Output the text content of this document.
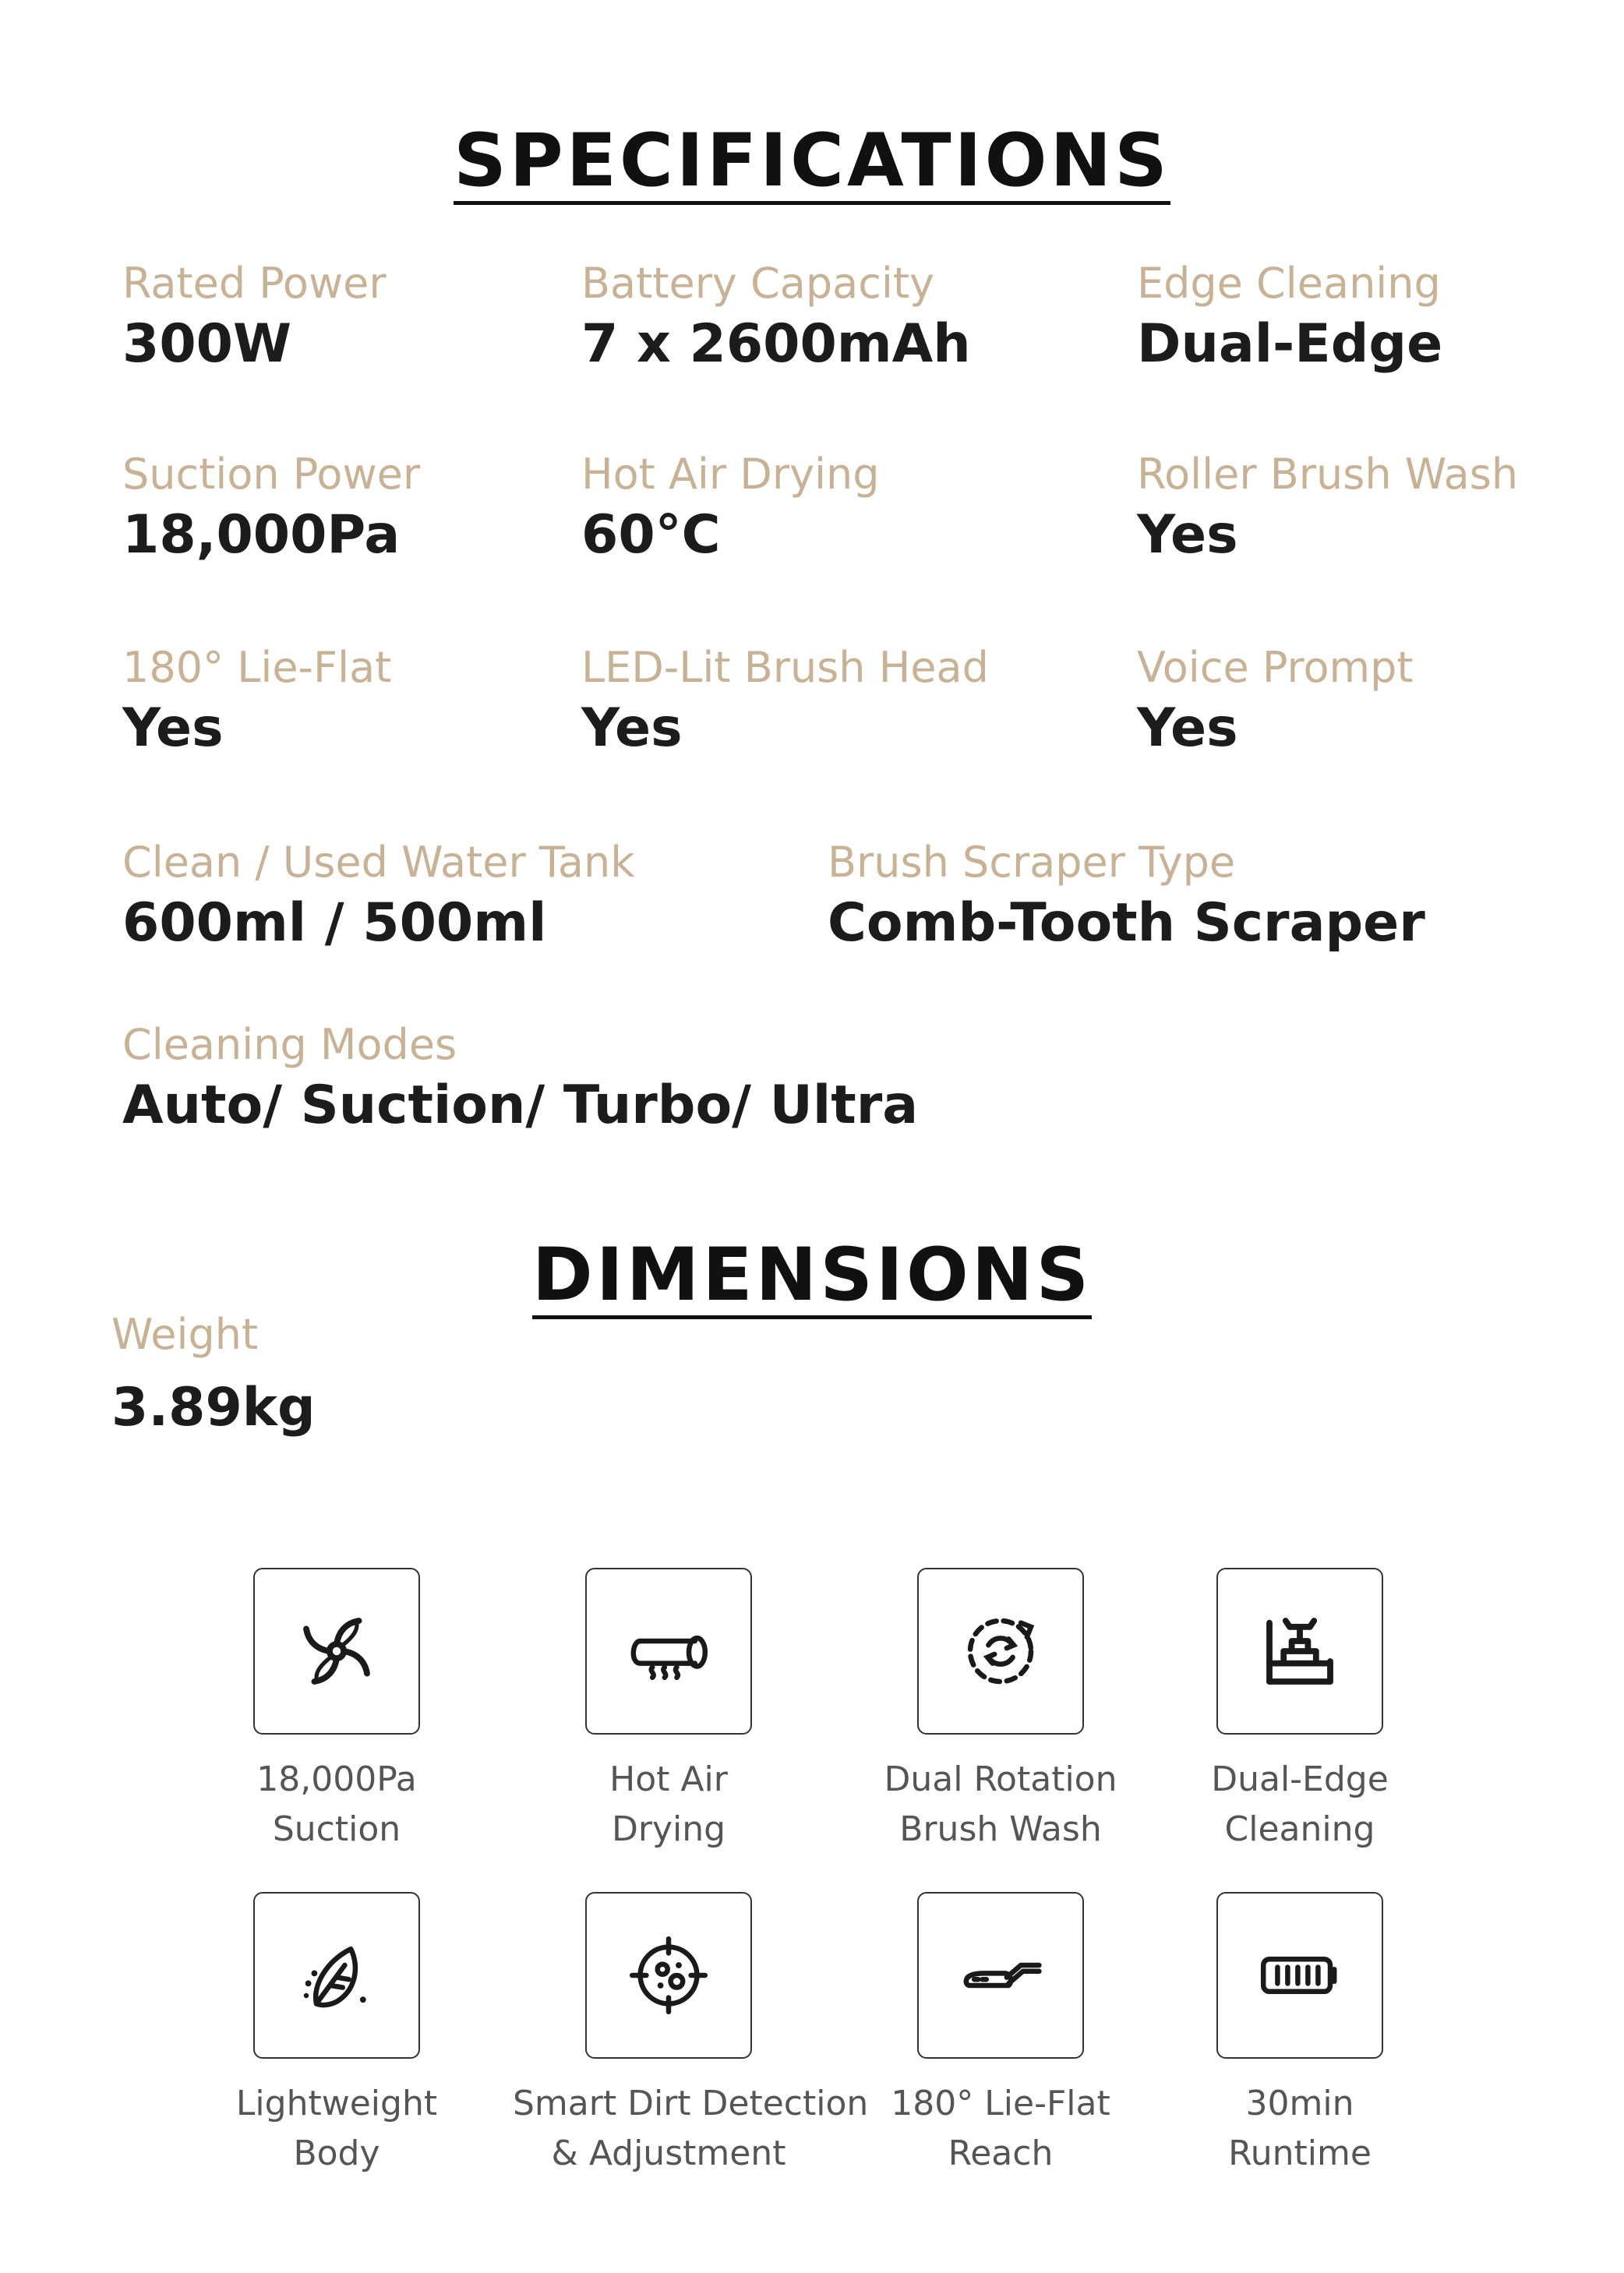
SPECIFICATIONS
Rated Power
300W
Battery Capacity
7 x 2600mAh
Edge Cleaning
Dual-Edge
Suction Power
18,000Pa
Hot Air Drying
60°C
Roller Brush Wash
Yes
180° Lie-Flat
Yes
LED-Lit Brush Head
Yes
Voice Prompt
Yes
Clean / Used Water Tank
600ml / 500ml
Brush Scraper Type
Comb-Tooth Scraper
Cleaning Modes
Auto/ Suction/ Turbo/ Ultra
DIMENSIONS
Weight
3.89kg
18,000Pa
Suction
Hot Air
Drying
Dual Rotation
Brush Wash
Dual-Edge
Cleaning
Lightweight
Body
Smart Dirt Detection
& Adjustment
180° Lie-Flat
Reach
30min
Runtime
